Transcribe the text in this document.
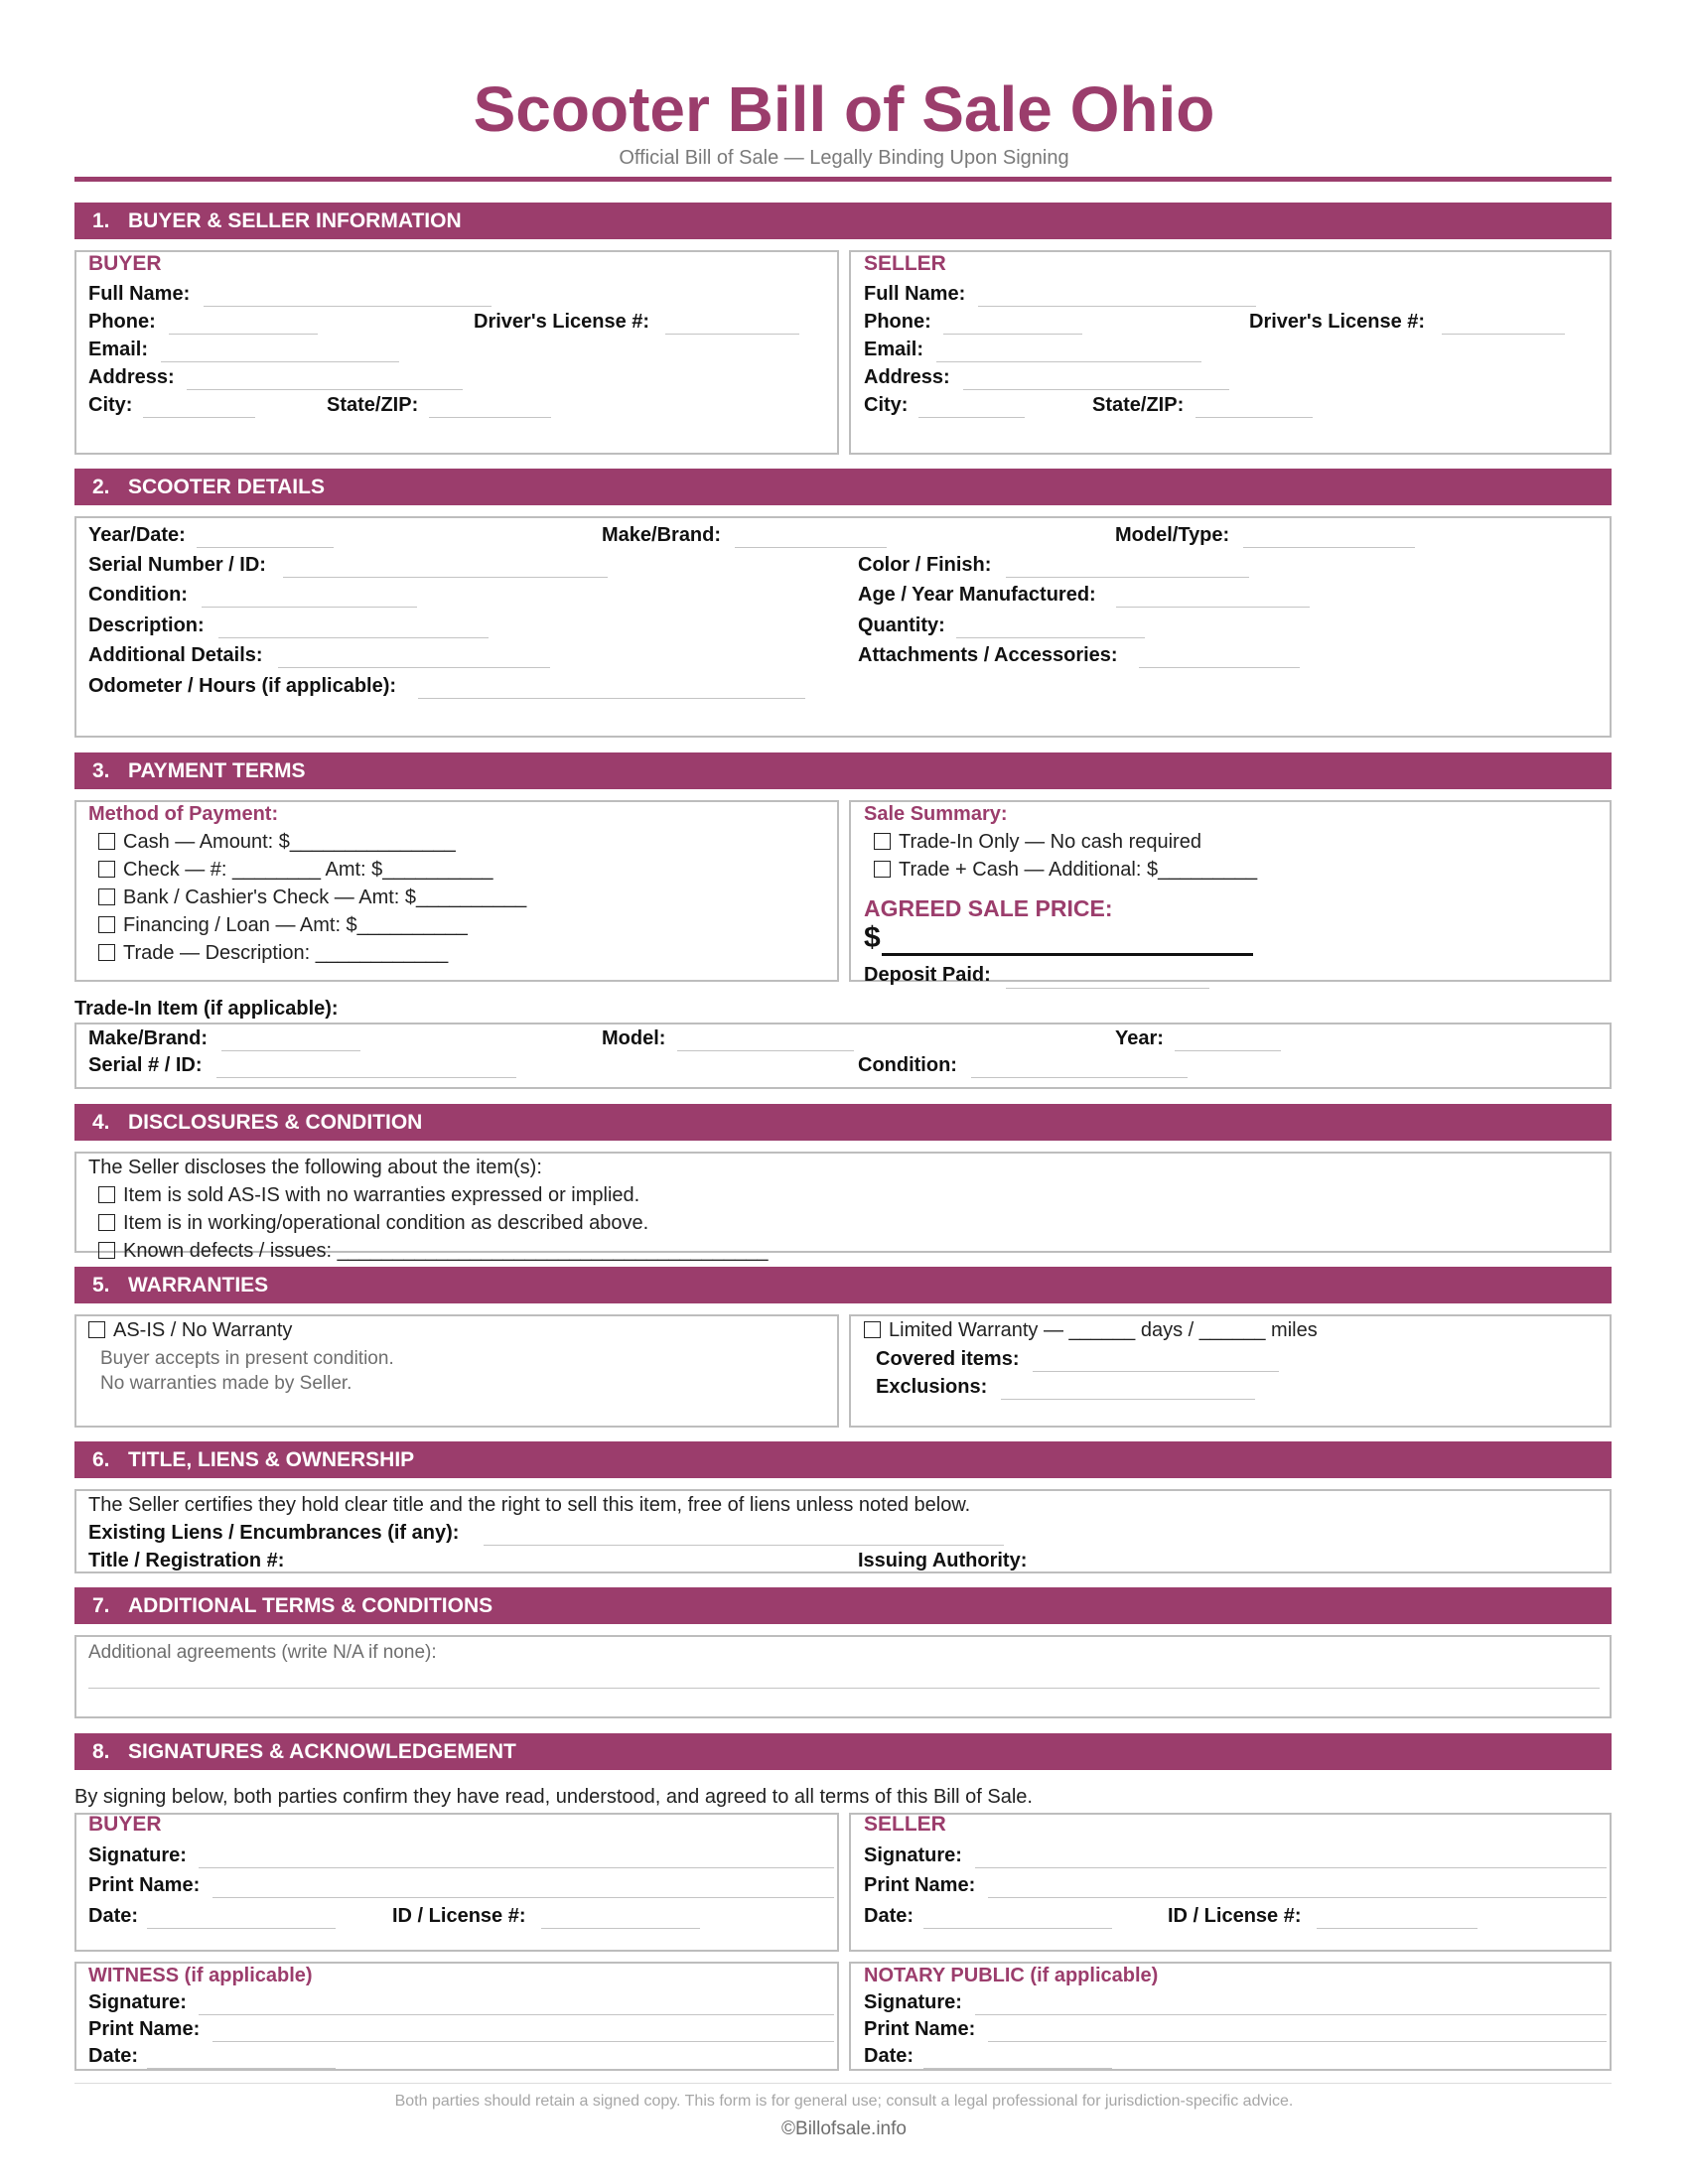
Scooter Bill of Sale Ohio
Official Bill of Sale — Legally Binding Upon Signing
1. BUYER & SELLER INFORMATION
BUYER
Full Name:
Phone:	Driver's License #:
Email:
Address:
City:	State/ZIP:
SELLER
Full Name:
Phone:	Driver's License #:
Email:
Address:
City:	State/ZIP:
2. SCOOTER DETAILS
Year/Date:	Make/Brand:	Model/Type:
Serial Number / ID:	Color / Finish:
Condition:	Age / Year Manufactured:
Description:	Quantity:
Additional Details:	Attachments / Accessories:
Odometer / Hours (if applicable):
3. PAYMENT TERMS
Method of Payment:
Cash — Amount: $_______________
Check — #: ________ Amt: $__________
Bank / Cashier's Check — Amt: $__________
Financing / Loan — Amt: $__________
Trade — Description: ____________
Sale Summary:
Trade-In Only — No cash required
Trade + Cash — Additional: $_________
AGREED SALE PRICE:
$
Deposit Paid:
Trade-In Item (if applicable):
Make/Brand:	Model:	Year:
Serial # / ID:	Condition:
4. DISCLOSURES & CONDITION
The Seller discloses the following about the item(s):
Item is sold AS-IS with no warranties expressed or implied.
Item is in working/operational condition as described above.
Known defects / issues: _______________________________________
5. WARRANTIES
AS-IS / No Warranty
Buyer accepts in present condition.
No warranties made by Seller.
Limited Warranty — ______ days / ______ miles
Covered items:
Exclusions:
6. TITLE, LIENS & OWNERSHIP
The Seller certifies they hold clear title and the right to sell this item, free of liens unless noted below.
Existing Liens / Encumbrances (if any):
Title / Registration #:	Issuing Authority:
7. ADDITIONAL TERMS & CONDITIONS
Additional agreements (write N/A if none):
8. SIGNATURES & ACKNOWLEDGEMENT
By signing below, both parties confirm they have read, understood, and agreed to all terms of this Bill of Sale.
BUYER
Signature:
Print Name:
Date:	ID / License #:
SELLER
Signature:
Print Name:
Date:	ID / License #:
WITNESS (if applicable)
Signature:
Print Name:
Date:
NOTARY PUBLIC (if applicable)
Signature:
Print Name:
Date:
Both parties should retain a signed copy. This form is for general use; consult a legal professional for jurisdiction-specific advice.
©Billofsale.info
